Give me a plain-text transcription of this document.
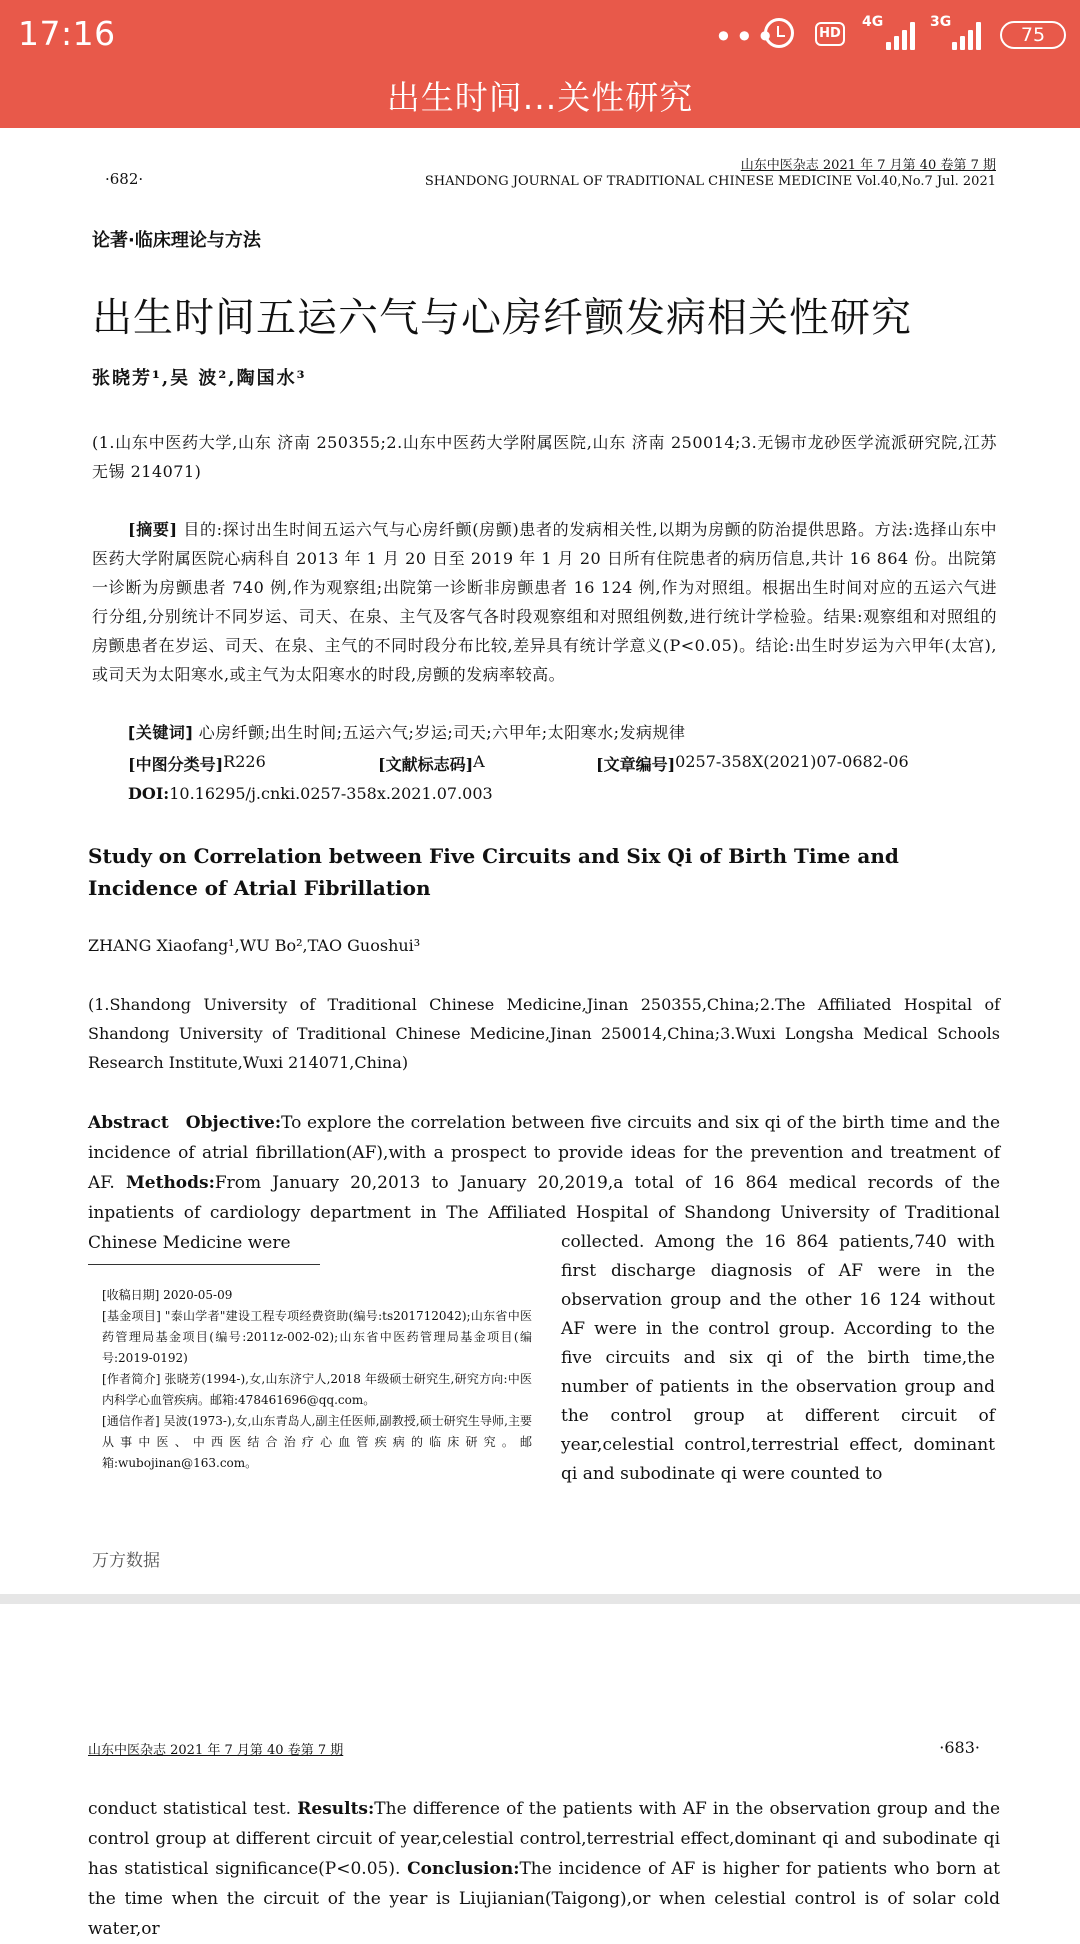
17:16	•••	HD
4G	3G
75
出生时间...关性研究
山东中医杂志 2021 年 7 月第 40 卷第 7 期
·682·	SHANDONG JOURNAL OF TRADITIONAL CHINESE MEDICINE Vol.40,No.7 Jul. 2021
论著·临床理论与方法
出生时间五运六气与心房纤颤发病相关性研究
张晓芳¹,吴 波²,陶国水³
(1.山东中医药大学,山东 济南 250355;2.山东中医药大学附属医院,山东 济南 250014;3.无锡市龙砂医学流派研究院,江苏 无锡 214071)
[摘要] 目的:探讨出生时间五运六气与心房纤颤(房颤)患者的发病相关性,以期为房颤的防治提供思路。方法:选择山东中医药大学附属医院心病科自 2013 年 1 月 20 日至 2019 年 1 月 20 日所有住院患者的病历信息,共计 16 864 份。出院第一诊断为房颤患者 740 例,作为观察组;出院第一诊断非房颤患者 16 124 例,作为对照组。根据出生时间对应的五运六气进行分组,分别统计不同岁运、司天、在泉、主气及客气各时段观察组和对照组例数,进行统计学检验。结果:观察组和对照组的房颤患者在岁运、司天、在泉、主气的不同时段分布比较,差异具有统计学意义(P<0.05)。结论:出生时岁运为六甲年(太宫),或司天为太阳寒水,或主气为太阳寒水的时段,房颤的发病率较高。
[关键词] 心房纤颤;出生时间;五运六气;岁运;司天;六甲年;太阳寒水;发病规律
[中图分类号] R226	[文献标志码] A	[文章编号] 0257-358X(2021)07-0682-06
DOI:10.16295/j.cnki.0257-358x.2021.07.003
Study on Correlation between Five Circuits and Six Qi of Birth Time and Incidence of Atrial Fibrillation
ZHANG Xiaofang¹,WU Bo²,TAO Guoshui³
(1.Shandong University of Traditional Chinese Medicine,Jinan 250355,China;2.The Affiliated Hospital of Shandong University of Traditional Chinese Medicine,Jinan 250014,China;3.Wuxi Longsha Medical Schools Research Institute,Wuxi 214071,China)
Abstract Objective:To explore the correlation between five circuits and six qi of the birth time and the incidence of atrial fibrillation(AF),with a prospect to provide ideas for the prevention and treatment of AF. Methods:From January 20,2013 to January 20,2019,a total of 16 864 medical records of the inpatients of cardiology department in The Affiliated Hospital of Shandong University of Traditional Chinese Medicine were

[收稿日期] 2020-05-09

[基金项目] "泰山学者"建设工程专项经费资助(编号:ts201712042);山东省中医药管理局基金项目(编号:2011z-002-02);山东省中医药管理局基金项目(编号:2019-0192)

[作者简介] 张晓芳(1994-),女,山东济宁人,2018 年级硕士研究生,研究方向:中医内科学心血管疾病。邮箱:478461696@qq.com。

[通信作者] 吴波(1973-),女,山东青岛人,副主任医师,副教授,硕士研究生导师,主要从事中医、中西医结合治疗心血管疾病的临床研究。邮箱:wubojinan@163.com。

collected. Among the 16 864 patients,740 with first discharge diagnosis of AF were in the observation group and the other 16 124 without AF were in the control group. According to the five circuits and six qi of the birth time,the number of patients in the observation group and the control group at different circuit of year,celestial control,terrestrial effect, dominant qi and subodinate qi were counted to
万方数据
山东中医杂志 2021 年 7 月第 40 卷第 7 期	·683·
conduct statistical test. Results:The difference of the patients with AF in the observation group and the control group at different circuit of year,celestial control,terrestrial effect,dominant qi and subodinate qi has statistical significance(P<0.05). Conclusion:The incidence of AF is higher for patients who born at the time when the circuit of the year is Liujianian(Taigong),or when celestial control is of solar cold water,or
